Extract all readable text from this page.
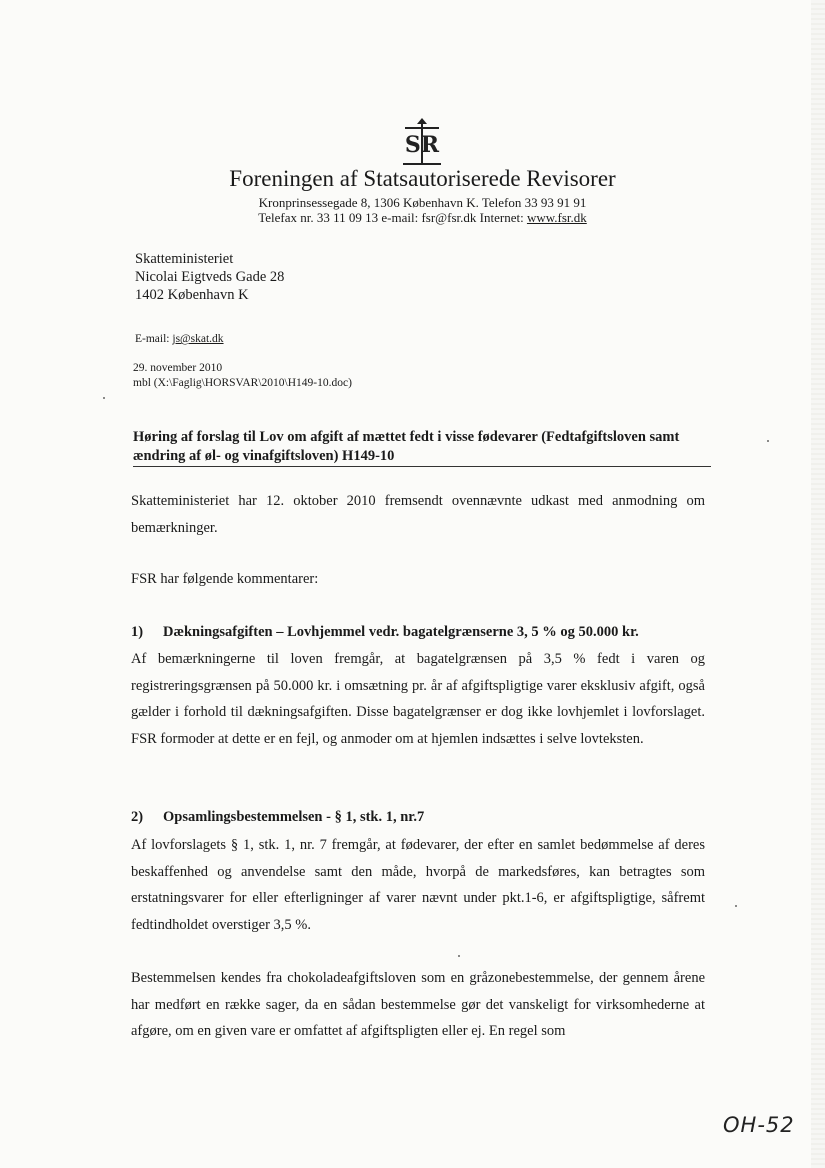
SR
Foreningen af Statsautoriserede Revisorer
Kronprinsessegade 8, 1306 København K. Telefon 33 93 91 91
Telefax nr. 33 11 09 13 e-mail: fsr@fsr.dk Internet: www.fsr.dk
Skatteministeriet
Nicolai Eigtveds Gade 28
1402 København K
E-mail: js@skat.dk
29. november 2010
mbl (X:\Faglig\HORSVAR\2010\H149-10.doc)
Høring af forslag til Lov om afgift af mættet fedt i visse fødevarer (Fedtafgiftsloven samt ændring af øl- og vinafgiftsloven) H149-10

Skatteministeriet har 12. oktober 2010 fremsendt ovennævnte udkast med anmodning om bemærkninger.

FSR har følgende kommentarer:

1) Dækningsafgiften – Lovhjemmel vedr. bagatelgrænserne 3, 5 % og 50.000 kr.

Af bemærkningerne til loven fremgår, at bagatelgrænsen på 3,5 % fedt i varen og registreringsgrænsen på 50.000 kr. i omsætning pr. år af afgiftspligtige varer eksklusiv afgift, også gælder i forhold til dækningsafgiften. Disse bagatelgrænser er dog ikke lovhjemlet i lovforslaget. FSR formoder at dette er en fejl, og anmoder om at hjemlen indsættes i selve lovteksten.

2) Opsamlingsbestemmelsen - § 1, stk. 1, nr.7

Af lovforslagets § 1, stk. 1, nr. 7 fremgår, at fødevarer, der efter en samlet bedømmelse af deres beskaffenhed og anvendelse samt den måde, hvorpå de markedsføres, kan betragtes som erstatningsvarer for eller efterligninger af varer nævnt under pkt.1-6, er afgiftspligtige, såfremt fedtindholdet overstiger 3,5 %.

Bestemmelsen kendes fra chokoladeafgiftsloven som en gråzonebestemmelse, der gennem årene har medført en række sager, da en sådan bestemmelse gør det vanskeligt for virksomhederne at afgøre, om en given vare er omfattet af afgiftspligten eller ej. En regel som

OH-52
